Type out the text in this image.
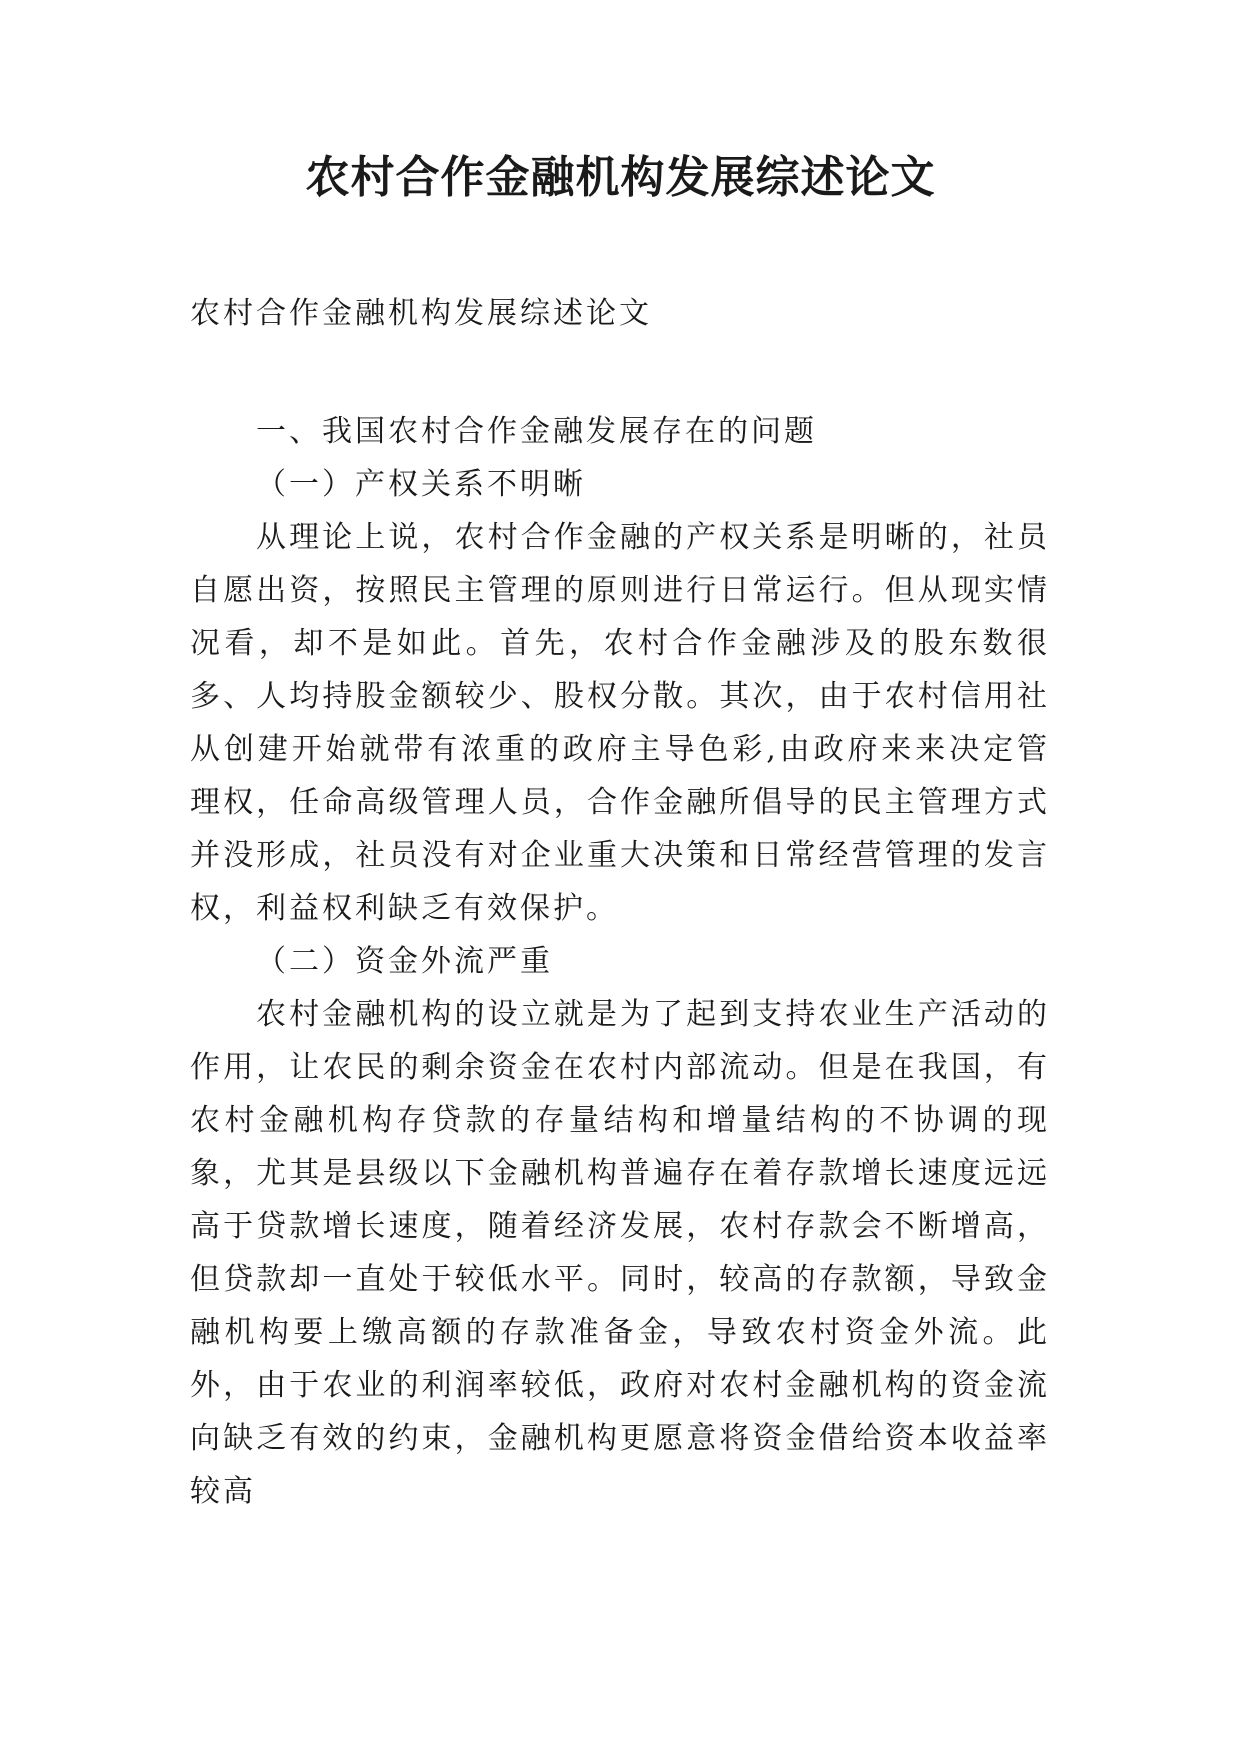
农村合作金融机构发展综述论文
农村合作金融机构发展综述论文

一、我国农村合作金融发展存在的问题

（一）产权关系不明晰

从理论上说，农村合作金融的产权关系是明晰的，社员自愿出资，按照民主管理的原则进行日常运行。但从现实情况看，却不是如此。首先，农村合作金融涉及的股东数很多、人均持股金额较少、股权分散。其次，由于农村信用社从创建开始就带有浓重的政府主导色彩,由政府来来决定管理权，任命高级管理人员，合作金融所倡导的民主管理方式并没形成，社员没有对企业重大决策和日常经营管理的发言权，利益权利缺乏有效保护。

（二）资金外流严重

农村金融机构的设立就是为了起到支持农业生产活动的作用，让农民的剩余资金在农村内部流动。但是在我国，有农村金融机构存贷款的存量结构和增量结构的不协调的现象，尤其是县级以下金融机构普遍存在着存款增长速度远远高于贷款增长速度，随着经济发展，农村存款会不断增高，但贷款却一直处于较低水平。同时，较高的存款额，导致金融机构要上缴高额的存款准备金，导致农村资金外流。此外，由于农业的利润率较低，政府对农村金融机构的资金流向缺乏有效的约束，金融机构更愿意将资金借给资本收益率较高
